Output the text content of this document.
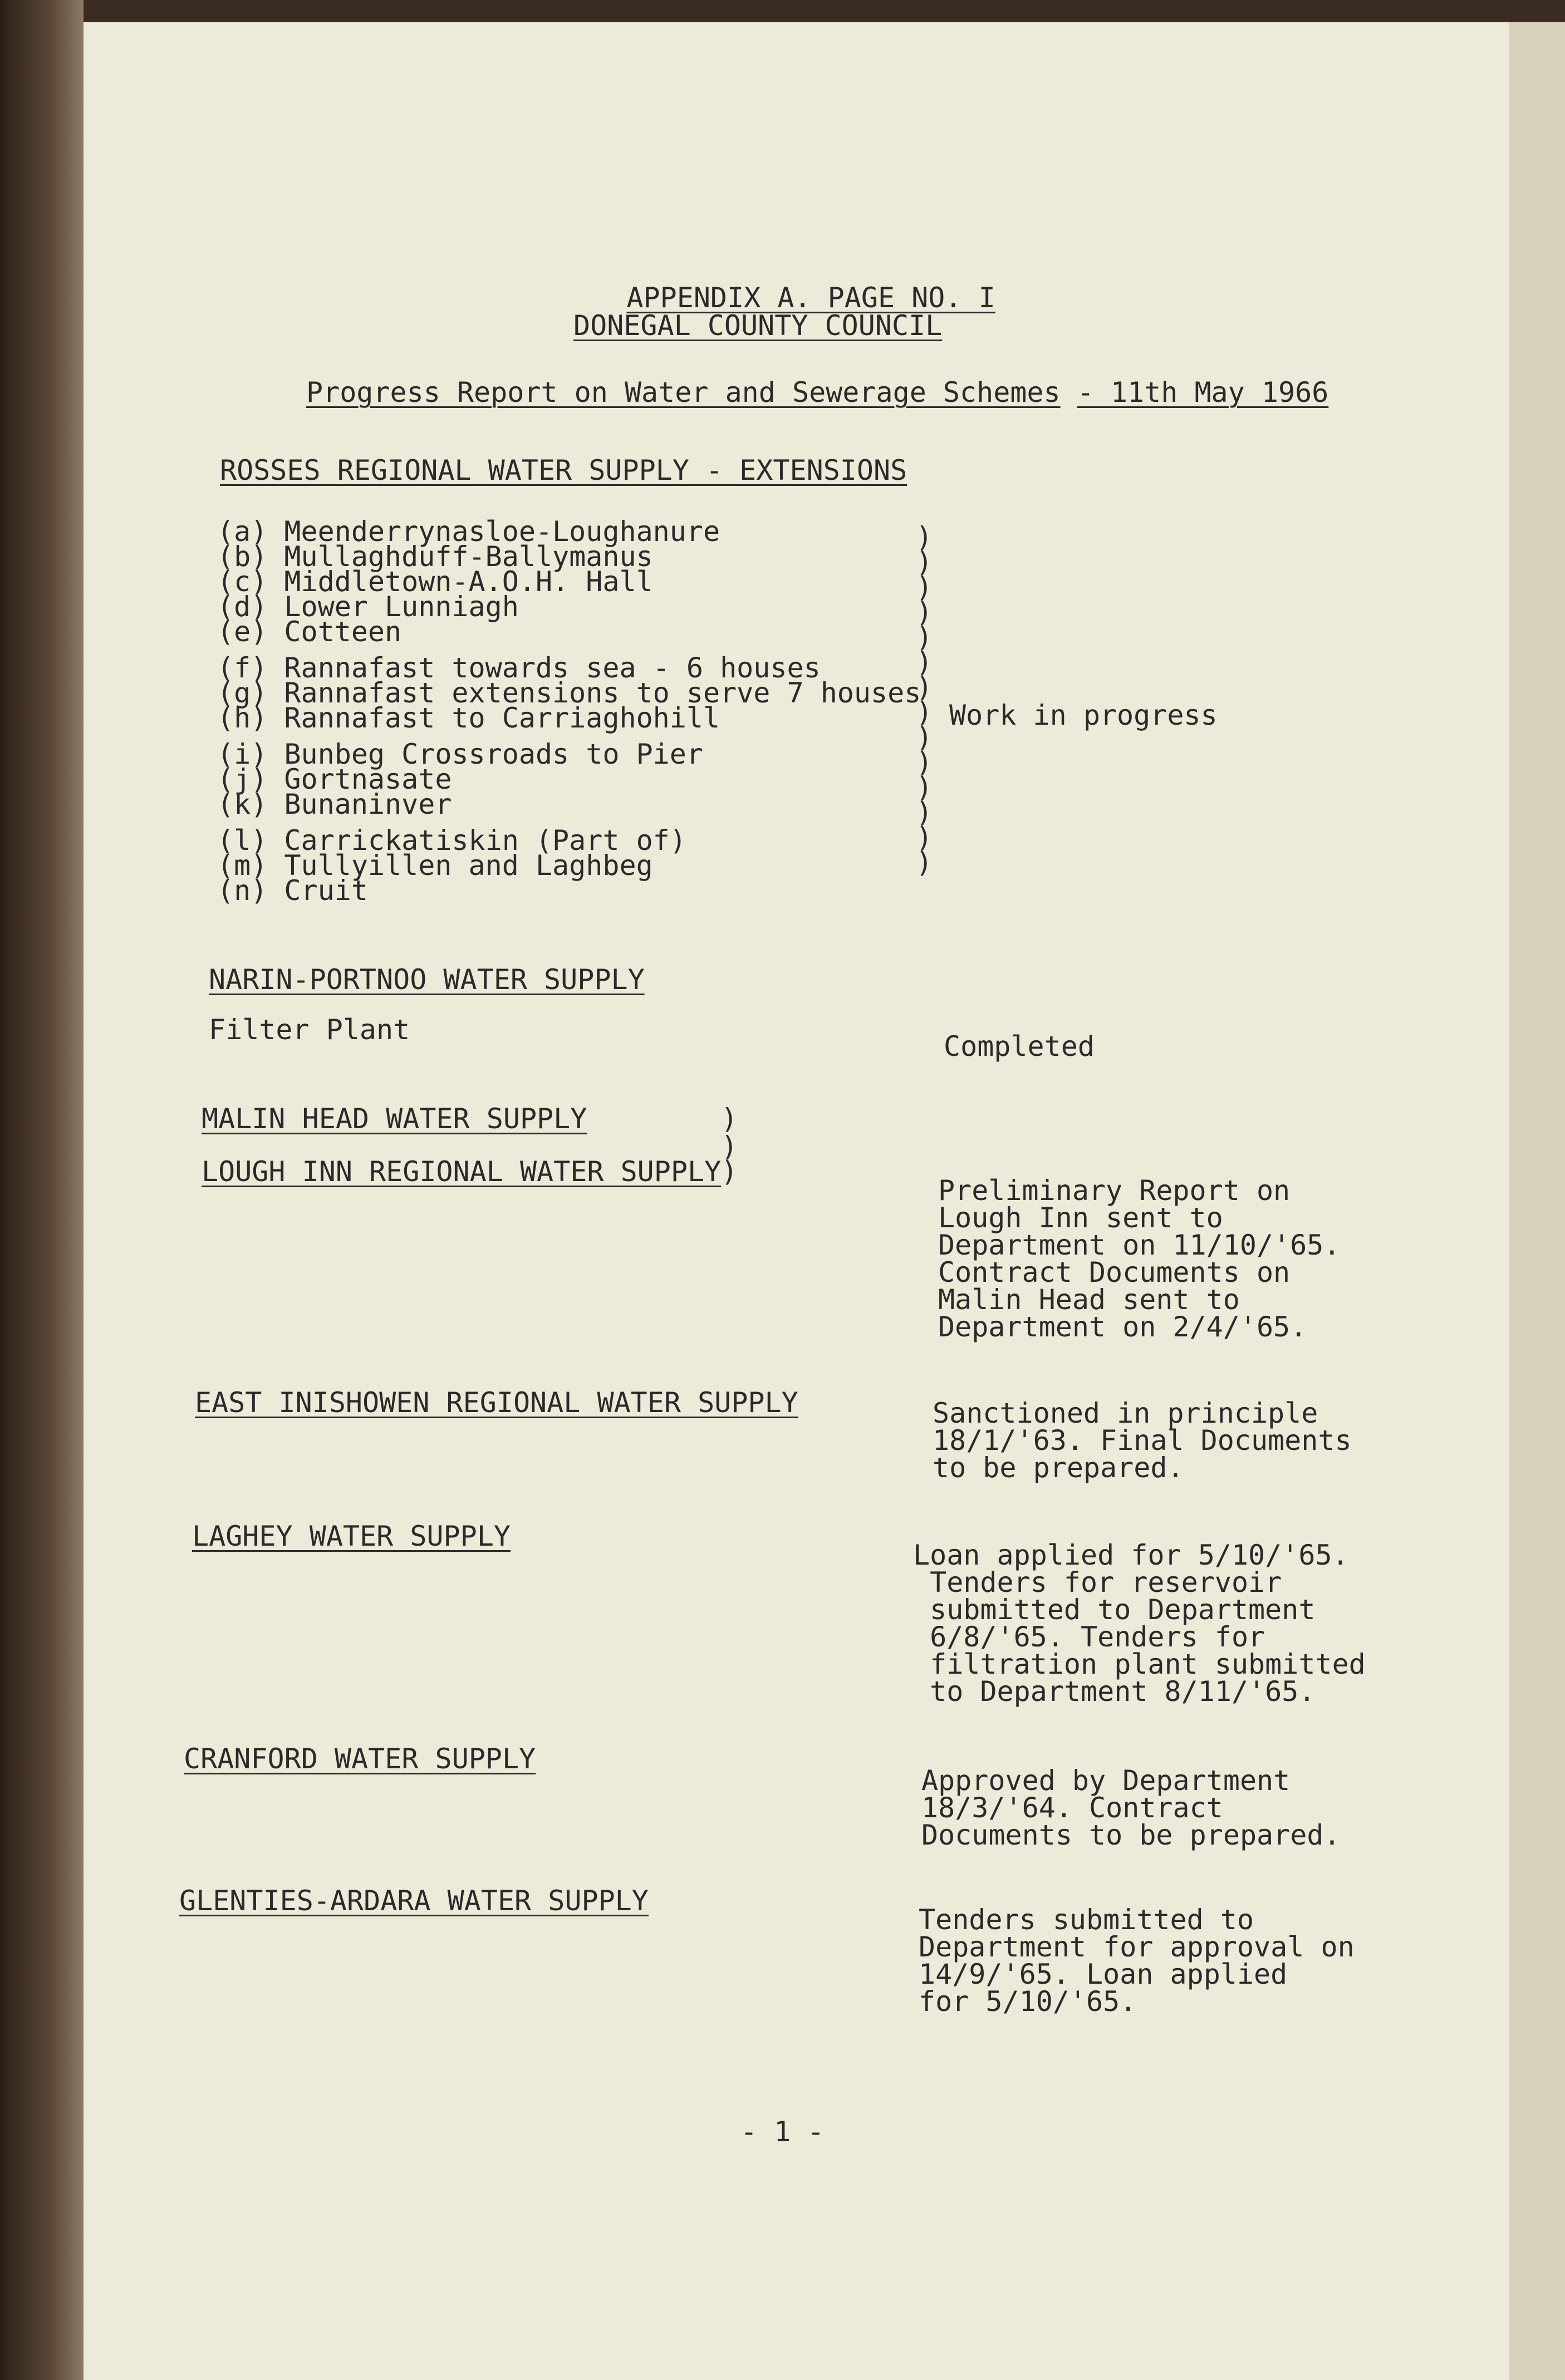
APPENDIX A. PAGE NO. I

DONEGAL COUNTY COUNCIL
Progress Report on Water and Sewerage Schemes - 11th May 1966
ROSSES REGIONAL WATER SUPPLY - EXTENSIONS
(a) Meenderrynasloe-Loughanure
(b) Mullaghduff-Ballymanus
(c) Middletown-A.O.H. Hall
(d) Lower Lunniagh
(e) Cotteen
(f) Rannafast towards sea - 6 houses
(g) Rannafast extensions to serve 7 houses
(h) Rannafast to Carriaghohill
(i) Bunbeg Crossroads to Pier
(j) Gortnasate
(k) Bunaninver
(l) Carrickatiskin (Part of)
(m) Tullyillen and Laghbeg
(n) Cruit
)
)
)
)
)
)
)
)
)
)
)
)
)
)
Work in progress
NARIN-PORTNOO WATER SUPPLY
Filter Plant
Completed
MALIN HEAD WATER SUPPLY	)
)
LOUGH INN REGIONAL WATER SUPPLY )
Preliminary Report on
Lough Inn sent to
Department on 11/10/'65.
Contract Documents on
Malin Head sent to
Department on 2/4/'65.
EAST INISHOWEN REGIONAL WATER SUPPLY	Sanctioned in principle
18/1/'63. Final Documents
to be prepared.
LAGHEY WATER SUPPLY
Loan applied for 5/10/'65.
Tenders for reservoir
submitted to Department
6/8/'65. Tenders for
filtration plant submitted
to Department 8/11/'65.
CRANFORD WATER SUPPLY
Approved by Department
18/3/'64. Contract
Documents to be prepared.
GLENTIES-ARDARA WATER SUPPLY
Tenders submitted to
Department for approval on
14/9/'65. Loan applied
for 5/10/'65.
- 1 -
